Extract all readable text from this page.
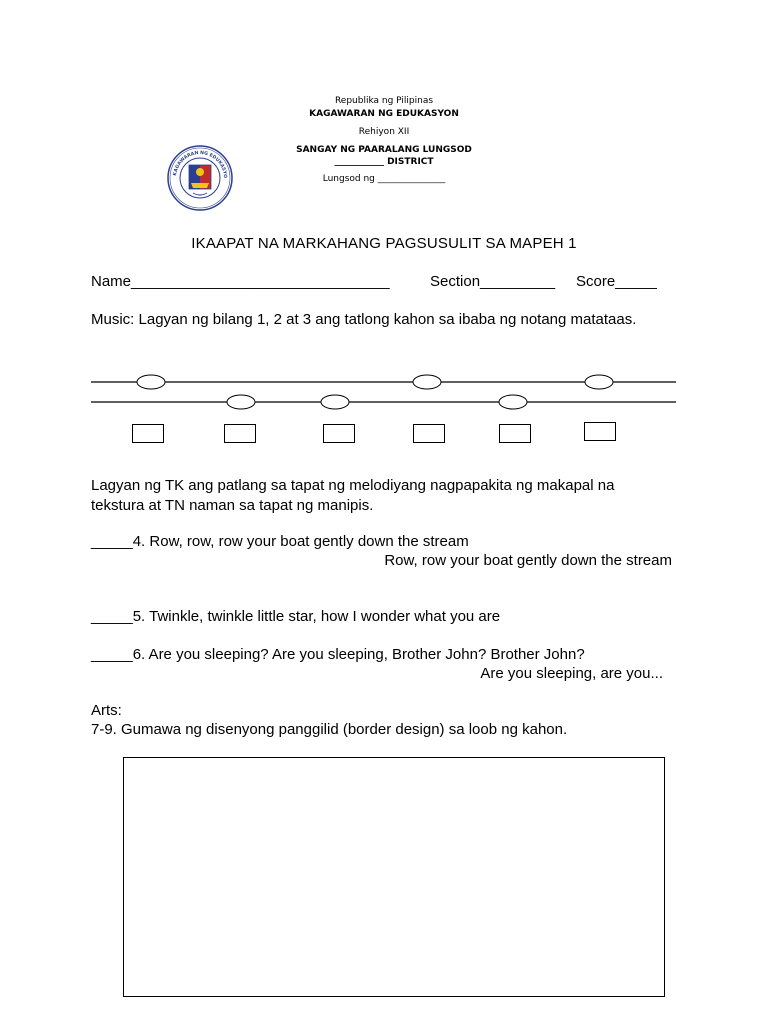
KAGAWARAN NG EDUKASYO
Republika ng Pilipinas
KAGAWARAN NG EDUKASYON
Rehiyon XII
SANGAY NG PAARALANG LUNGSOD
___________ DISTRICT
Lungsod ng _______________
IKAAPAT NA MARKAHANG PAGSUSULIT SA MAPEH 1
Name_______________________________	Section_________ Score_____
Music: Lagyan ng bilang 1, 2 at 3 ang tatlong kahon sa ibaba ng notang matataas.
Lagyan ng TK ang patlang sa tapat ng melodiyang nagpapakita ng makapal na tekstura at TN naman sa tapat ng manipis.
_____4. Row, row, row your boat gently down the stream
Row, row your boat gently down the stream
_____5. Twinkle, twinkle little star, how I wonder what you are
_____6. Are you sleeping? Are you sleeping, Brother John? Brother John?
Are you sleeping, are you...
Arts:
7-9. Gumawa ng disenyong panggilid (border design) sa loob ng kahon.
